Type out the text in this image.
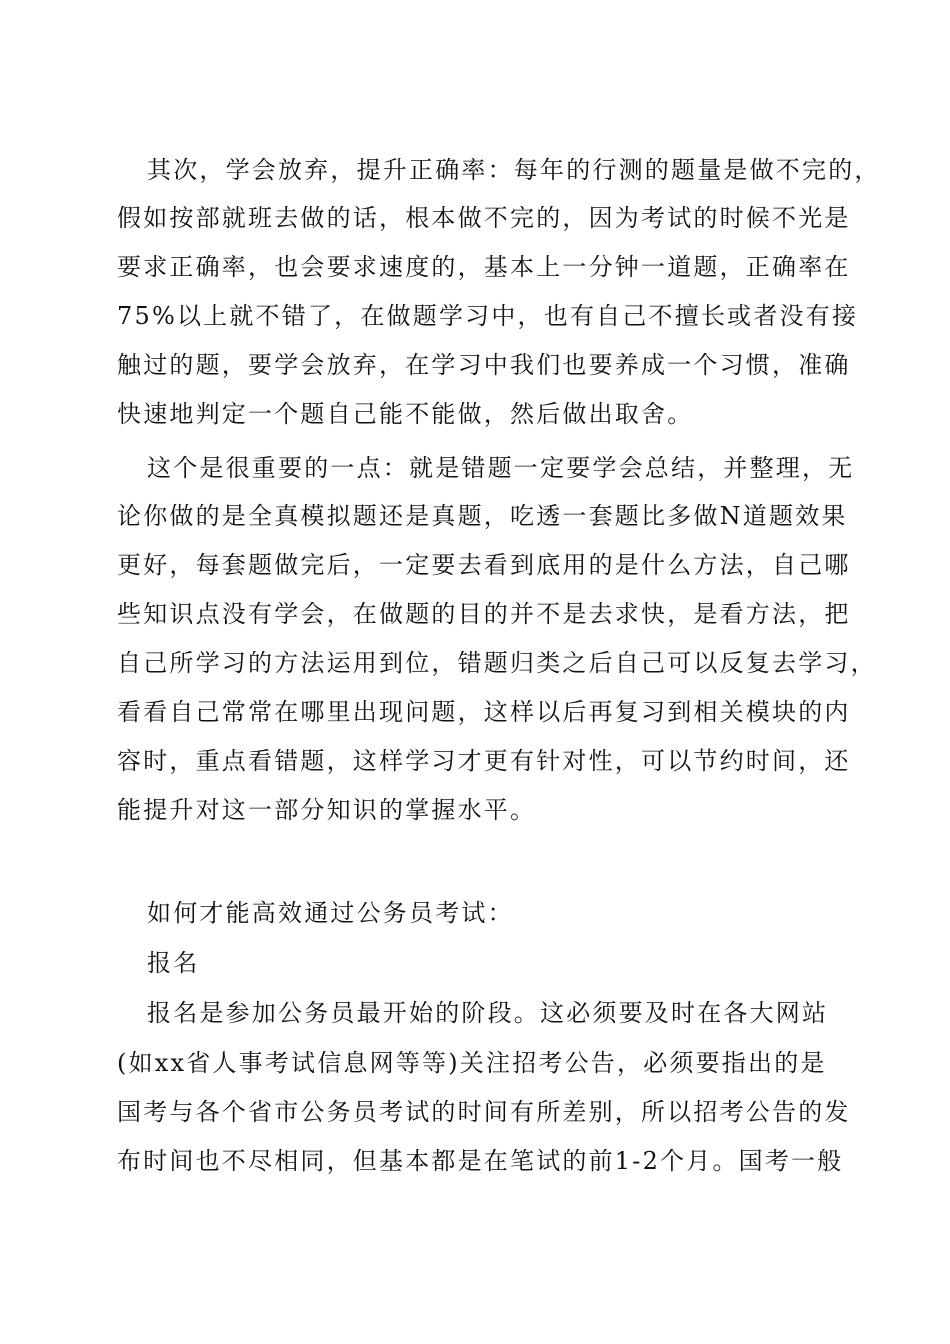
其次，学会放弃，提升正确率：每年的行测的题量是做不完的，
假如按部就班去做的话，根本做不完的，因为考试的时候不光是
要求正确率，也会要求速度的，基本上一分钟一道题，正确率在
75%以上就不错了，在做题学习中，也有自己不擅长或者没有接
触过的题，要学会放弃，在学习中我们也要养成一个习惯，准确
快速地判定一个题自己能不能做，然后做出取舍。
这个是很重要的一点：就是错题一定要学会总结，并整理，无
论你做的是全真模拟题还是真题，吃透一套题比多做N道题效果
更好，每套题做完后，一定要去看到底用的是什么方法，自己哪
些知识点没有学会，在做题的目的并不是去求快，是看方法，把
自己所学习的方法运用到位，错题归类之后自己可以反复去学习，
看看自己常常在哪里出现问题，这样以后再复习到相关模块的内
容时，重点看错题，这样学习才更有针对性，可以节约时间，还
能提升对这一部分知识的掌握水平。
如何才能高效通过公务员考试：
报名
报名是参加公务员最开始的阶段。这必须要及时在各大网站
(如xx省人事考试信息网等等)关注招考公告，必须要指出的是
国考与各个省市公务员考试的时间有所差别，所以招考公告的发
布时间也不尽相同，但基本都是在笔试的前1-2个月。国考一般
